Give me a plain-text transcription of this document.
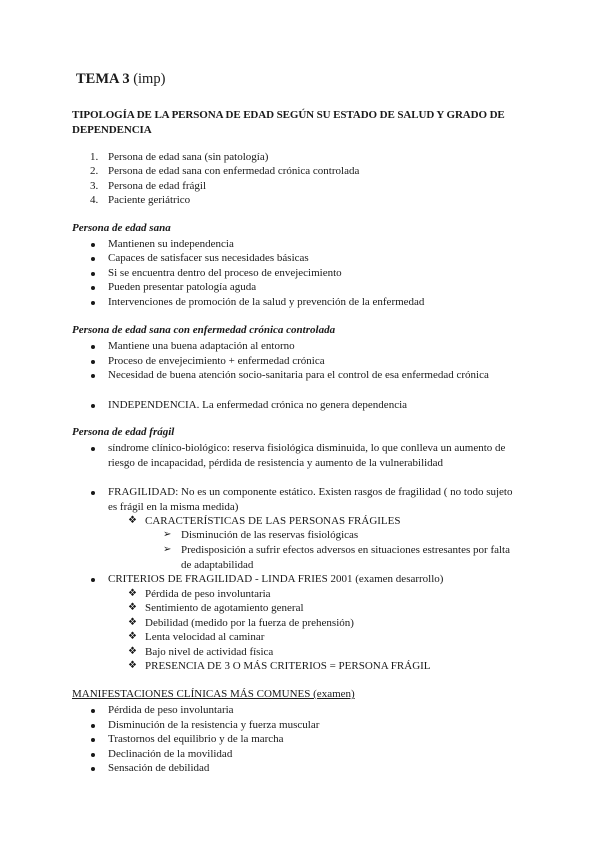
TEMA 3 (imp)
TIPOLOGÍA DE LA PERSONA DE EDAD SEGÚN SU ESTADO DE SALUD Y GRADO DE DEPENDENCIA
1. Persona de edad sana (sin patología)
2. Persona de edad sana con enfermedad crónica controlada
3. Persona de edad frágil
4. Paciente geriátrico
Persona de edad sana
Mantienen su independencia
Capaces de satisfacer sus necesidades básicas
Si se encuentra dentro del proceso de envejecimiento
Pueden presentar patología aguda
Intervenciones de promoción de la salud y prevención de la enfermedad
Persona de edad sana con enfermedad crónica controlada
Mantiene una buena adaptación al entorno
Proceso de envejecimiento + enfermedad crónica
Necesidad de buena atención socio-sanitaria para el control de esa enfermedad crónica
INDEPENDENCIA. La enfermedad crónica no genera dependencia
Persona de edad frágil
síndrome clínico-biológico: reserva fisiológica disminuida, lo que conlleva un aumento de riesgo de incapacidad, pérdida de resistencia y aumento de la vulnerabilidad
FRAGILIDAD: No es un componente estático. Existen rasgos de fragilidad ( no todo sujeto es frágil en la misma medida)
❖ CARACTERÍSTICAS DE LAS PERSONAS FRÁGILES
➢ Disminución de las reservas fisiológicas
➢ Predisposición a sufrir efectos adversos en situaciones estresantes por falta de adaptabilidad
CRITERIOS DE FRAGILIDAD - LINDA FRIES 2001 (examen desarrollo)
❖ Pérdida de peso involuntaria
❖ Sentimiento de agotamiento general
❖ Debilidad (medido por la fuerza de prehensión)
❖ Lenta velocidad al caminar
❖ Bajo nivel de actividad física
❖ PRESENCIA DE 3 O MÁS CRITERIOS = PERSONA FRÁGIL
MANIFESTACIONES CLÍNICAS MÁS COMUNES (examen)
Pérdida de peso involuntaria
Disminución de la resistencia y fuerza muscular
Trastornos del equilibrio y de la marcha
Declinación de la movilidad
Sensación de debilidad
